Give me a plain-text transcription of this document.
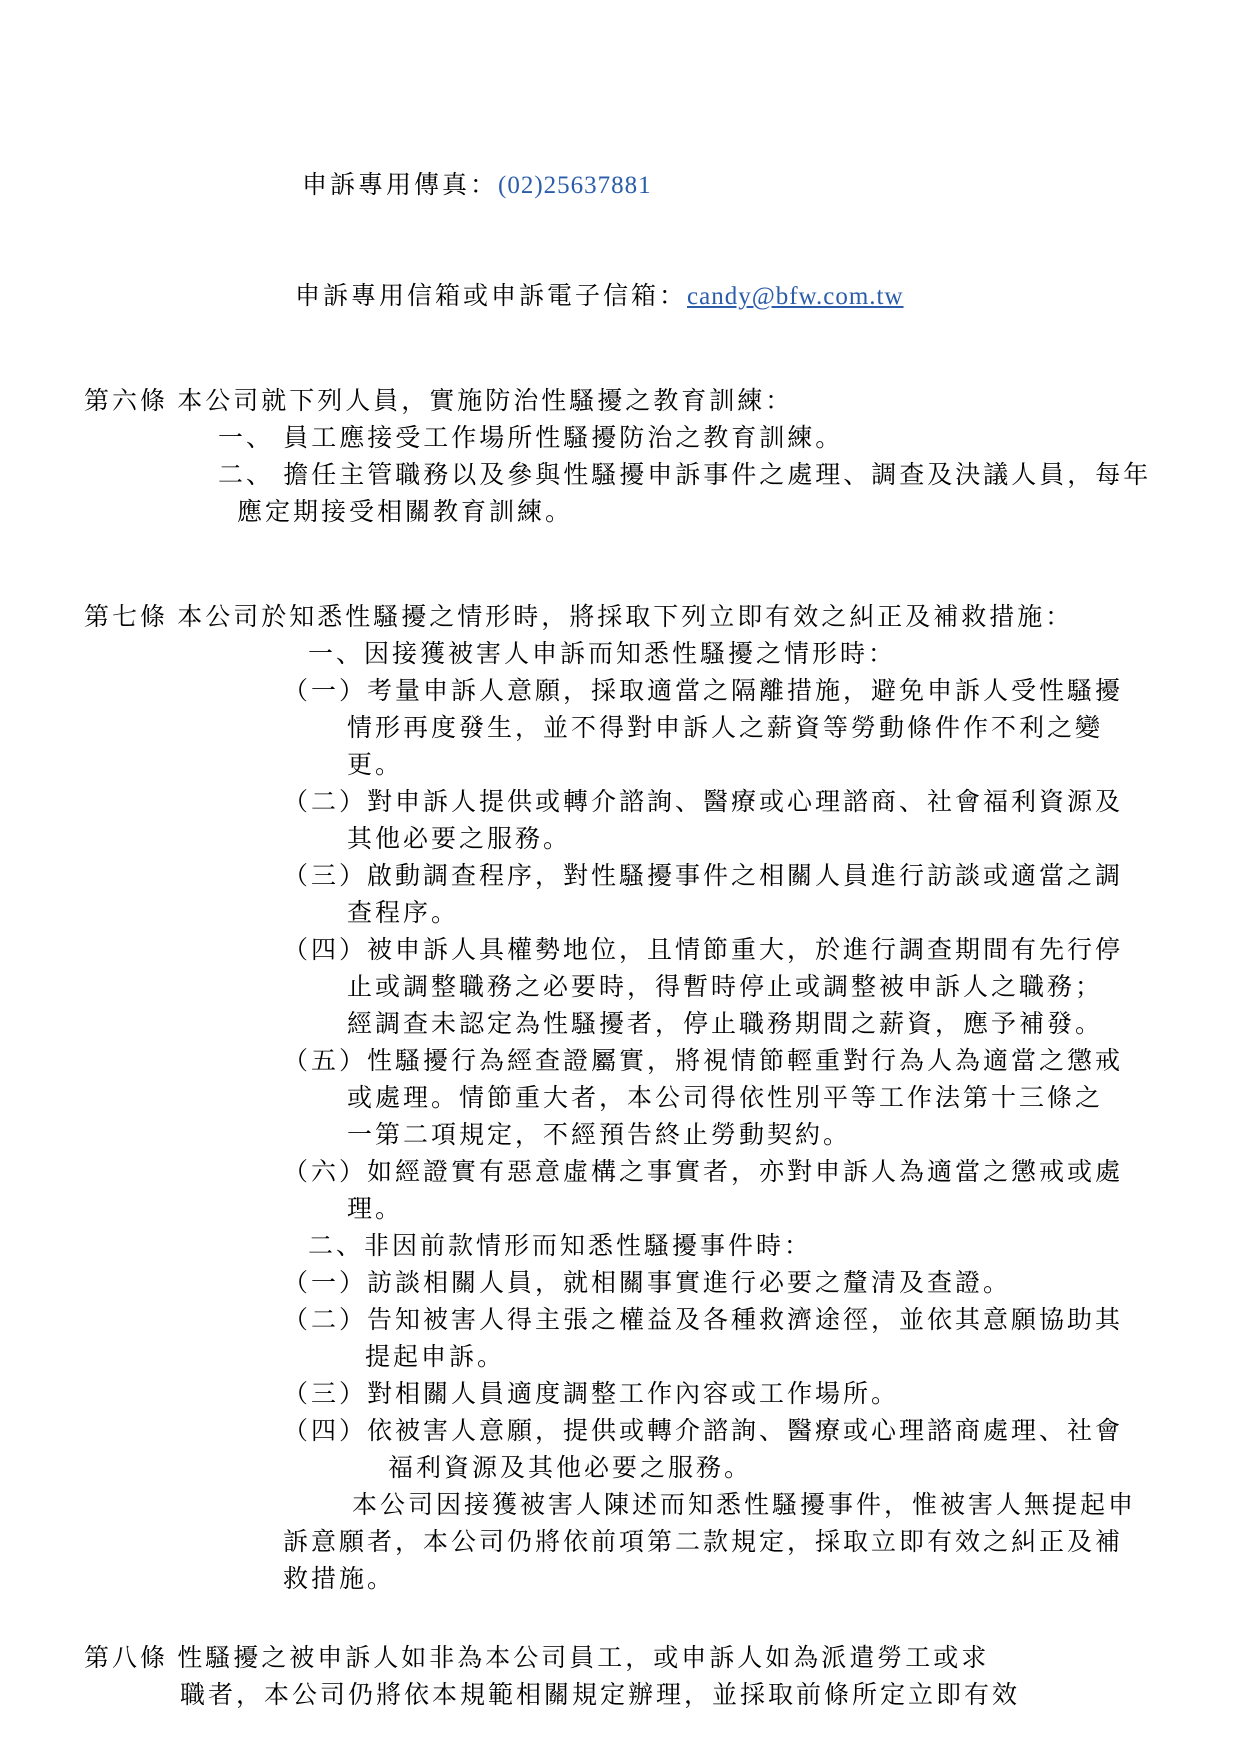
申訴專用傳真：(02)25637881

申訴專用信箱或申訴電子信箱：candy@bfw.com.tw

第六條 本公司就下列人員，實施防治性騷擾之教育訓練：
一、 員工應接受工作場所性騷擾防治之教育訓練。
二、 擔任主管職務以及參與性騷擾申訴事件之處理、調查及決議人員，每年
應定期接受相關教育訓練。
第七條 本公司於知悉性騷擾之情形時，將採取下列立即有效之糾正及補救措施：
一、因接獲被害人申訴而知悉性騷擾之情形時：
（一）考量申訴人意願，採取適當之隔離措施，避免申訴人受性騷擾
情形再度發生，並不得對申訴人之薪資等勞動條件作不利之變
更。
（二）對申訴人提供或轉介諮詢、醫療或心理諮商、社會福利資源及
其他必要之服務。
（三）啟動調查程序，對性騷擾事件之相關人員進行訪談或適當之調
查程序。
（四）被申訴人具權勢地位，且情節重大，於進行調查期間有先行停
止或調整職務之必要時，得暫時停止或調整被申訴人之職務；
經調查未認定為性騷擾者，停止職務期間之薪資，應予補發。
（五）性騷擾行為經查證屬實，將視情節輕重對行為人為適當之懲戒
或處理。情節重大者，本公司得依性別平等工作法第十三條之
一第二項規定，不經預告終止勞動契約。
（六）如經證實有惡意虛構之事實者，亦對申訴人為適當之懲戒或處
理。
二、非因前款情形而知悉性騷擾事件時：
（一）訪談相關人員，就相關事實進行必要之釐清及查證。
（二）告知被害人得主張之權益及各種救濟途徑，並依其意願協助其
提起申訴。
（三）對相關人員適度調整工作內容或工作場所。
（四）依被害人意願，提供或轉介諮詢、醫療或心理諮商處理、社會
福利資源及其他必要之服務。
本公司因接獲被害人陳述而知悉性騷擾事件，惟被害人無提起申
訴意願者，本公司仍將依前項第二款規定，採取立即有效之糾正及補
救措施。
第八條 性騷擾之被申訴人如非為本公司員工，或申訴人如為派遣勞工或求
職者，本公司仍將依本規範相關規定辦理，並採取前條所定立即有效
